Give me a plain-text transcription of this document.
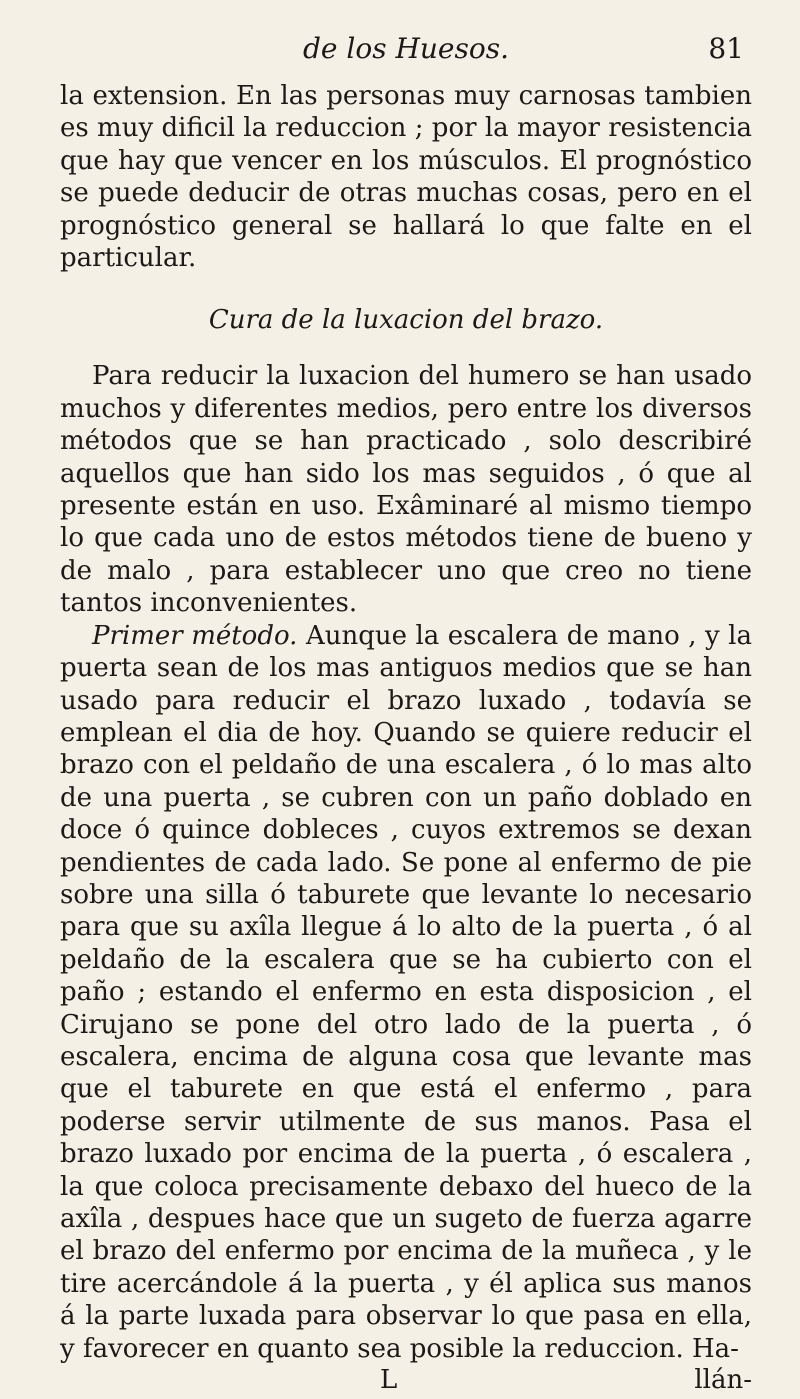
de los Huesos.	81

la extension. En las personas muy carnosas tambien es muy dificil la reduccion ; por la mayor resistencia que hay que vencer en los músculos. El prognóstico se puede deducir de otras muchas cosas, pero en el prognóstico general se hallará lo que falte en el particular.

Cura de la luxacion del brazo.

Para reducir la luxacion del humero se han usado muchos y diferentes medios, pero entre los diversos métodos que se han practicado , solo describiré aquellos que han sido los mas seguidos , ó que al presente están en uso. Exâminaré al mismo tiempo lo que cada uno de estos métodos tiene de bueno y de malo , para establecer uno que creo no tiene tantos inconvenientes.

Primer método. Aunque la escalera de mano , y la puerta sean de los mas antiguos medios que se han usado para reducir el brazo luxado , todavía se emplean el dia de hoy. Quando se quiere reducir el brazo con el peldaño de una escalera , ó lo mas alto de una puerta , se cubren con un paño doblado en doce ó quince dobleces , cuyos extremos se dexan pendientes de cada lado. Se pone al enfermo de pie sobre una silla ó taburete que levante lo necesario para que su axîla llegue á lo alto de la puerta , ó al peldaño de la escalera que se ha cubierto con el paño ; estando el enfermo en esta disposicion , el Cirujano se pone del otro lado de la puerta , ó escalera, encima de alguna cosa que levante mas que el taburete en que está el enfermo , para poderse servir utilmente de sus manos. Pasa el brazo luxado por encima de la puerta , ó escalera , la que coloca precisamente debaxo del hueco de la axîla , despues hace que un sugeto de fuerza agarre el brazo del enfermo por encima de la muñeca , y le tire acercándole á la puerta , y él aplica sus manos á la parte luxada para observar lo que pasa en ella, y favorecer en quanto sea posible la reduccion. Ha-

L	llán-
